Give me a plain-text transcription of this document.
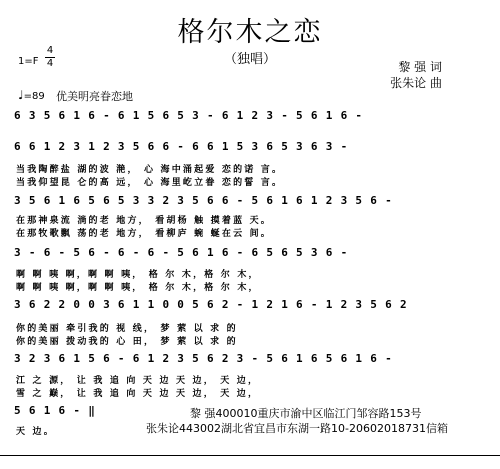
格尔木之恋
（独唱）
1=F
4
4	黎 强 词
张朱论 曲
♩=89 优美明亮眷恋地
6 3 5 6 1 6 - 6 1 5 6 5 3 - 6 1 2 3 - 5 6 1 6 -
6 6 1 2 3 1 2 3 5 6 6 - 6 6 1 5 3 6 5 3 6 3 -
当我陶醉盐 湖的波 滟， 心 海中涌起爱 恋的诺 言。
当我仰望昆 仑的高 远， 心 海里屹立眷 恋的誓 言。
3 5 6 1 6 5 6 5 3 3 2 3 5 6 6 - 5 6 1 6 1 2 3 5 6 -
在那神泉流 淌的老 地方， 看胡杨 触 摸着蓝 天。
在那牧歌飘 荡的老 地方， 看柳庐 蜿 蜒在云 间。
3 - 6 - 5 6 - 6 - 6 - 5 6 1 6 - 6 5 6 5 3 6 -
啊 啊 咦 啊，啊 啊 咦， 格 尔 木，格 尔 木，
啊 啊 咦 啊，啊 啊 咦， 格 尔 木，格 尔 木，
3 6 2 2 0 0 3 6 1 1 0 0 5 6 2 - 1 2 1 6 - 1 2 3 5 6 2
你的美丽 牵引我的 视 线， 梦 萦 以 求 的
你的美丽 拨动我的 心 田， 梦 萦 以 求 的
3 2 3 6 1 5 6 - 6 1 2 3 5 6 2 3 - 5 6 1 6 5 6 1 6 -
江 之 源， 让 我 追 向 天 边 天 边， 天 边，
雪 之 巅， 让 我 追 向 天 边 天 边， 天 边，
5 6 1 6 - ‖
天 边。
黎 强400010重庆市渝中区临江门邹容路153号
张朱论443002湖北省宜昌市东湖一路10-20602018731信箱
